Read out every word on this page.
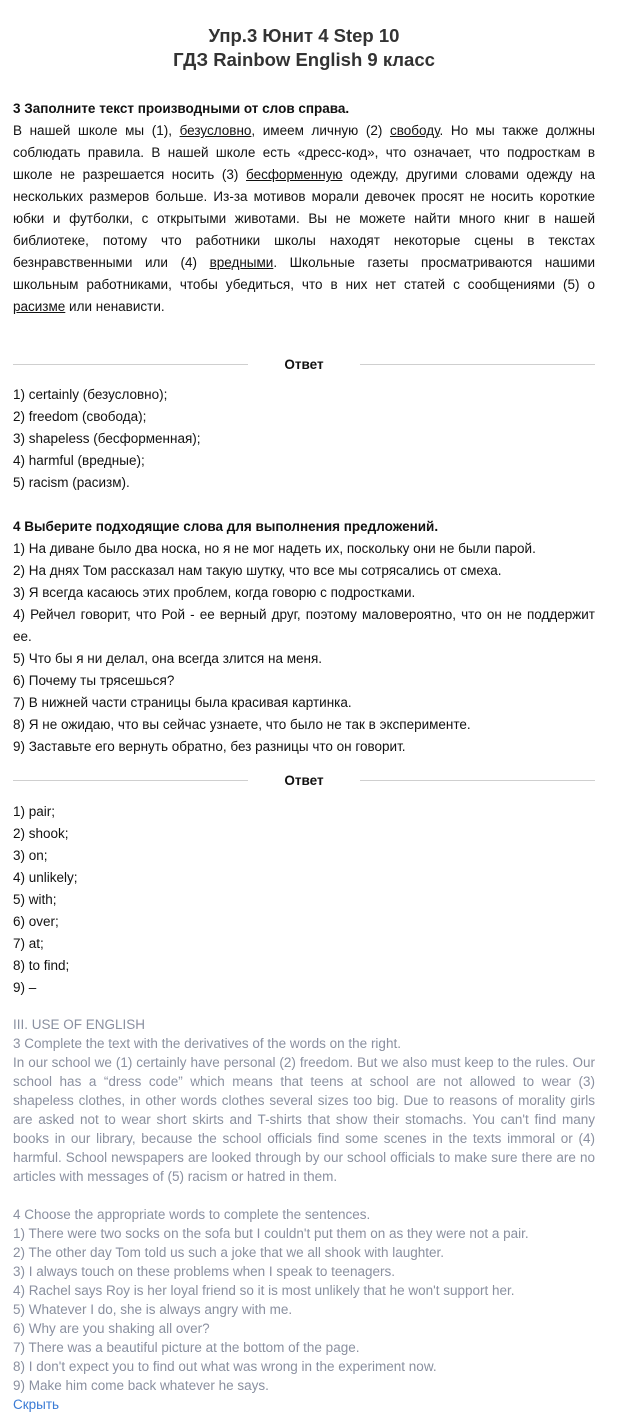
Упр.3 Юнит 4 Step 10
ГДЗ Rainbow English 9 класс
3 Заполните текст производными от слов справа.
В нашей школе мы (1), безусловно, имеем личную (2) свободу. Но мы также должны соблюдать правила. В нашей школе есть «дресс-код», что означает, что подросткам в школе не разрешается носить (3) бесформенную одежду, другими словами одежду на нескольких размеров больше. Из-за мотивов морали девочек просят не носить короткие юбки и футболки, с открытыми животами. Вы не можете найти много книг в нашей библиотеке, потому что работники школы находят некоторые сцены в текстах безнравственными или (4) вредными. Школьные газеты просматриваются нашими школьным работниками, чтобы убедиться, что в них нет статей с сообщениями (5) о расизме или ненависти.
Ответ
1) certainly (безусловно);
2) freedom (свобода);
3) shapeless (бесформенная);
4) harmful (вредные);
5) racism (расизм).
4 Выберите подходящие слова для выполнения предложений.
1) На диване было два носка, но я не мог надеть их, поскольку они не были парой.
2) На днях Том рассказал нам такую шутку, что все мы сотрясались от смеха.
3) Я всегда касаюсь этих проблем, когда говорю с подростками.
4) Рейчел говорит, что Рой - ее верный друг, поэтому маловероятно, что он не поддержит ее.
5) Что бы я ни делал, она всегда злится на меня.
6) Почему ты трясешься?
7) В нижней части страницы была красивая картинка.
8) Я не ожидаю, что вы сейчас узнаете, что было не так в эксперименте.
9) Заставьте его вернуть обратно, без разницы что он говорит.
Ответ
1) pair;
2) shook;
3) on;
4) unlikely;
5) with;
6) over;
7) at;
8) to find;
9) –
III. USE OF ENGLISH
3 Complete the text with the derivatives of the words on the right.
In our school we (1) certainly have personal (2) freedom. But we also must keep to the rules. Our school has a “dress code” which means that teens at school are not allowed to wear (3) shapeless clothes, in other words clothes several sizes too big. Due to reasons of morality girls are asked not to wear short skirts and T-shirts that show their stomachs. You can't find many books in our library, because the school officials find some scenes in the texts immoral or (4) harmful. School newspapers are looked through by our school officials to make sure there are no articles with messages of (5) racism or hatred in them.
4 Choose the appropriate words to complete the sentences.
1) There were two socks on the sofa but I couldn't put them on as they were not a pair.
2) The other day Tom told us such a joke that we all shook with laughter.
3) I always touch on these problems when I speak to teenagers.
4) Rachel says Roy is her loyal friend so it is most unlikely that he won't support her.
5) Whatever I do, she is always angry with me.
6) Why are you shaking all over?
7) There was a beautiful picture at the bottom of the page.
8) I don't expect you to find out what was wrong in the experiment now.
9) Make him come back whatever he says.
Скрыть
